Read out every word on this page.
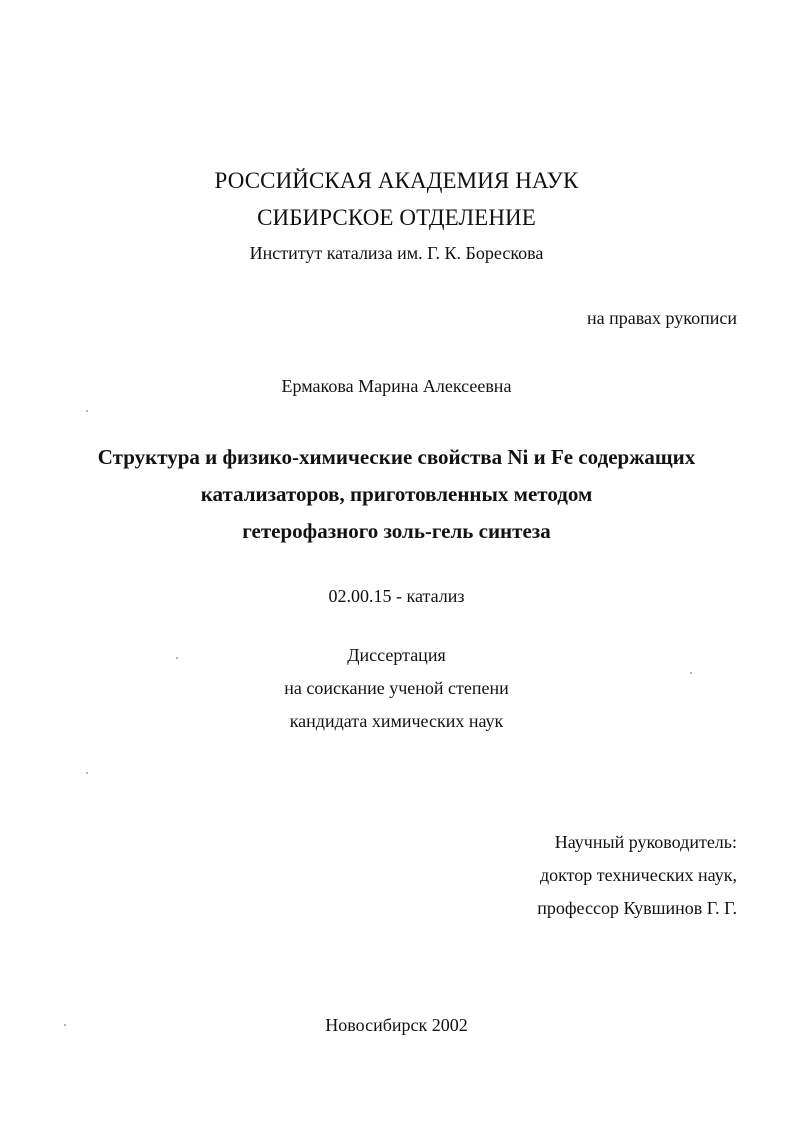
РОССИЙСКАЯ АКАДЕМИЯ НАУК
СИБИРСКОЕ ОТДЕЛЕНИЕ
Институт катализа им. Г. К. Борескова
на правах рукописи
Ермакова Марина Алексеевна
Структура и физико-химические свойства Ni и Fe содержащих
катализаторов, приготовленных методом
гетерофазного золь-гель синтеза
02.00.15 - катализ
Диссертация
на соискание ученой степени
кандидата химических наук
Научный руководитель:
доктор технических наук,
профессор Кувшинов Г. Г.
Новосибирск 2002
